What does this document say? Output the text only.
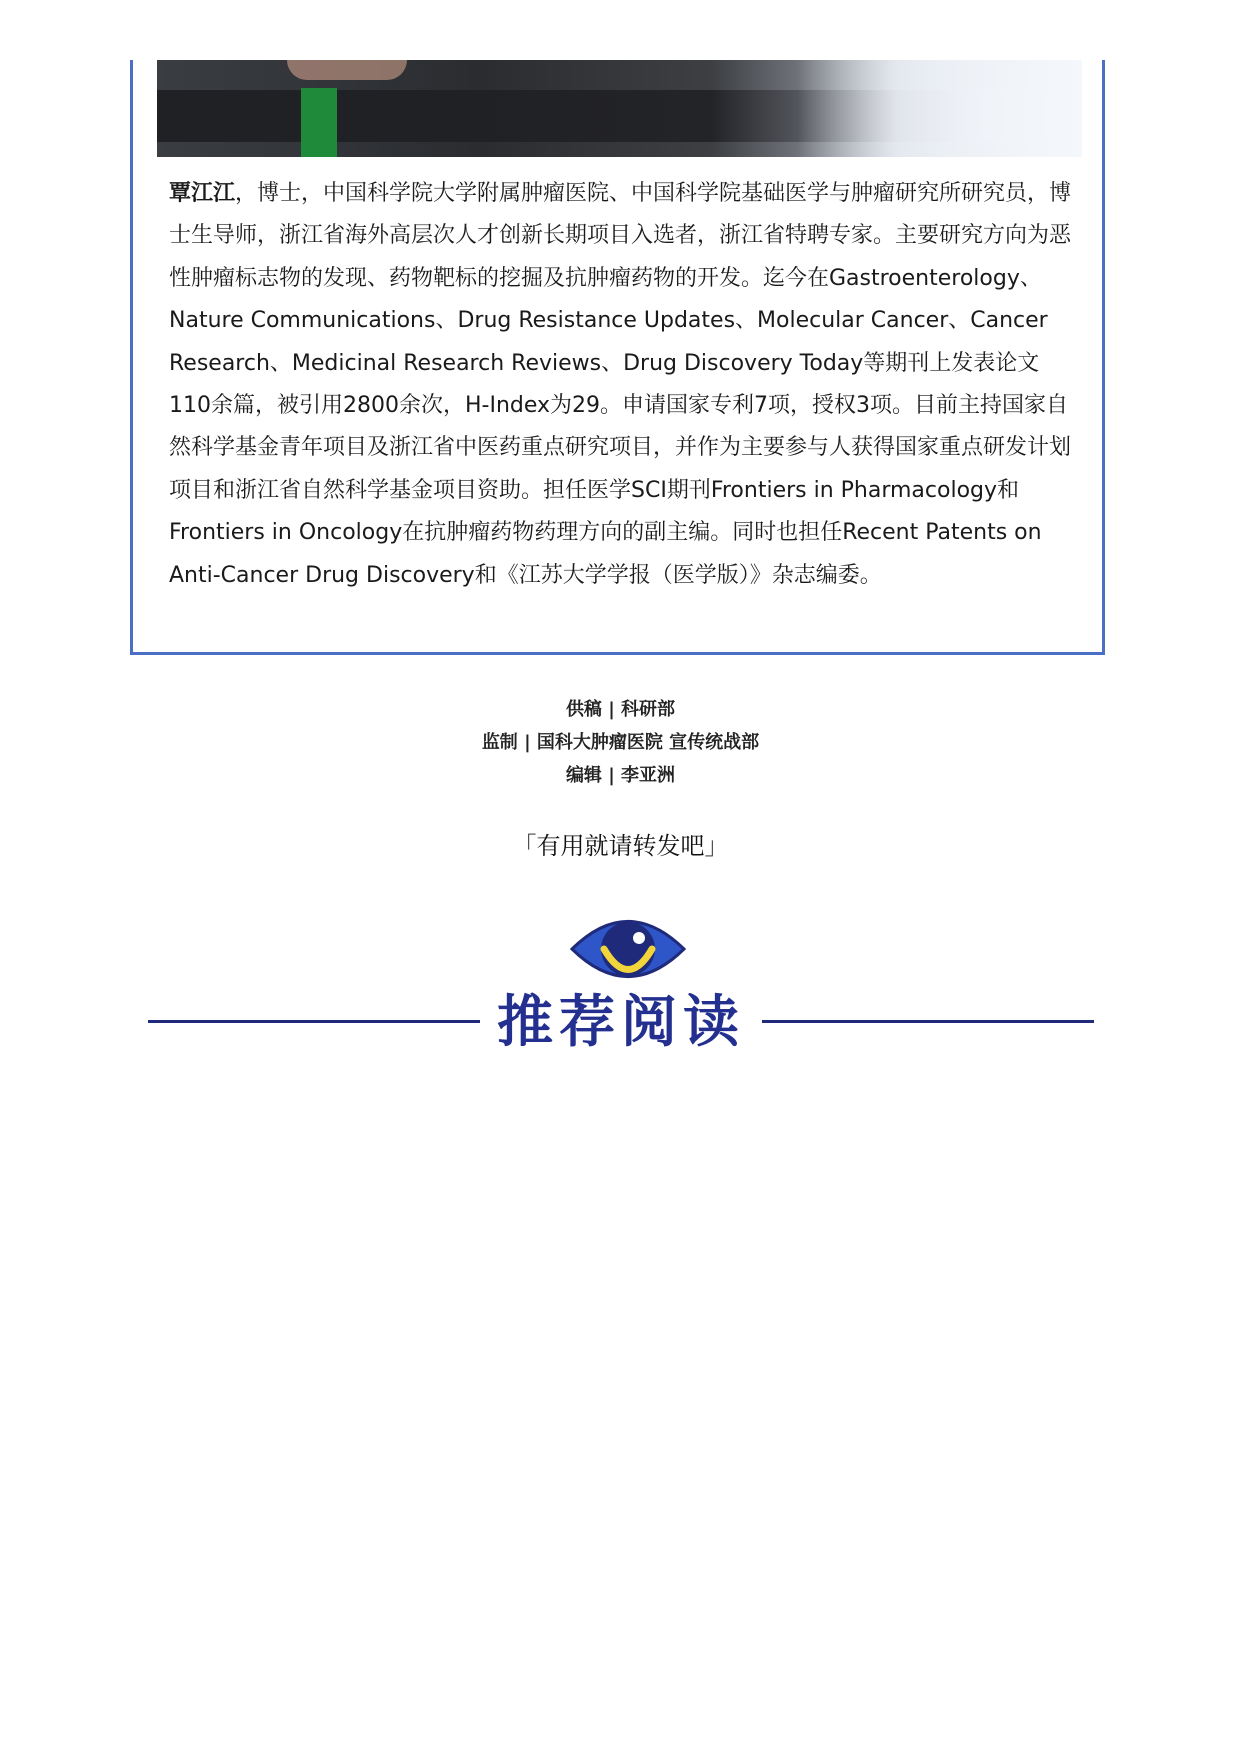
覃江江，博士，中国科学院大学附属肿瘤医院、中国科学院基础医学与肿瘤研究所研究员，博士生导师，浙江省海外高层次人才创新长期项目入选者，浙江省特聘专家。主要研究方向为恶性肿瘤标志物的发现、药物靶标的挖掘及抗肿瘤药物的开发。迄今在Gastroenterology、Nature Communications、Drug Resistance Updates、Molecular Cancer、Cancer Research、Medicinal Research Reviews、Drug Discovery Today等期刊上发表论文110余篇，被引用2800余次，H-Index为29。申请国家专利7项，授权3项。目前主持国家自然科学基金青年项目及浙江省中医药重点研究项目，并作为主要参与人获得国家重点研发计划项目和浙江省自然科学基金项目资助。担任医学SCI期刊Frontiers in Pharmacology和Frontiers in Oncology在抗肿瘤药物药理方向的副主编。同时也担任Recent Patents on Anti-Cancer Drug Discovery和《江苏大学学报（医学版）》杂志编委。

供稿 | 科研部
监制 | 国科大肿瘤医院 宣传统战部
编辑 | 李亚洲
「有用就请转发吧」
推荐阅读
